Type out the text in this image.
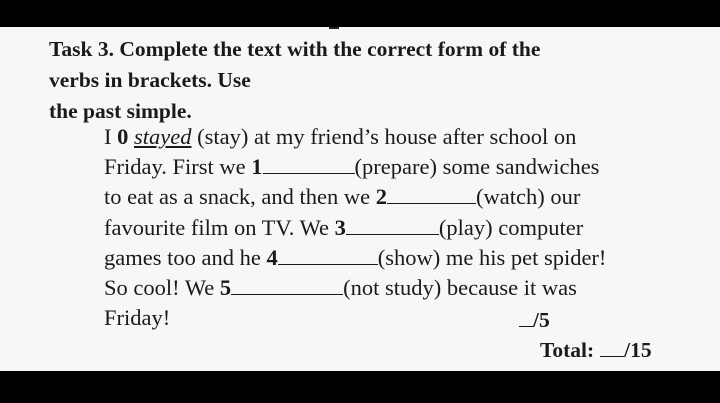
Task 3. Complete the text with the correct form of the
verbs in brackets. Use
the past simple.
I 0 stayed (stay) at my friend’s house after school on
Friday. First we 1	(prepare) some sandwiches
to eat as a snack, and then we 2	(watch) our
favourite film on TV. We 3	(play) computer
games too and he 4	(show) me his pet spider!
So cool! We 5	(not study) because it was
Friday!	/5
Total: /15
